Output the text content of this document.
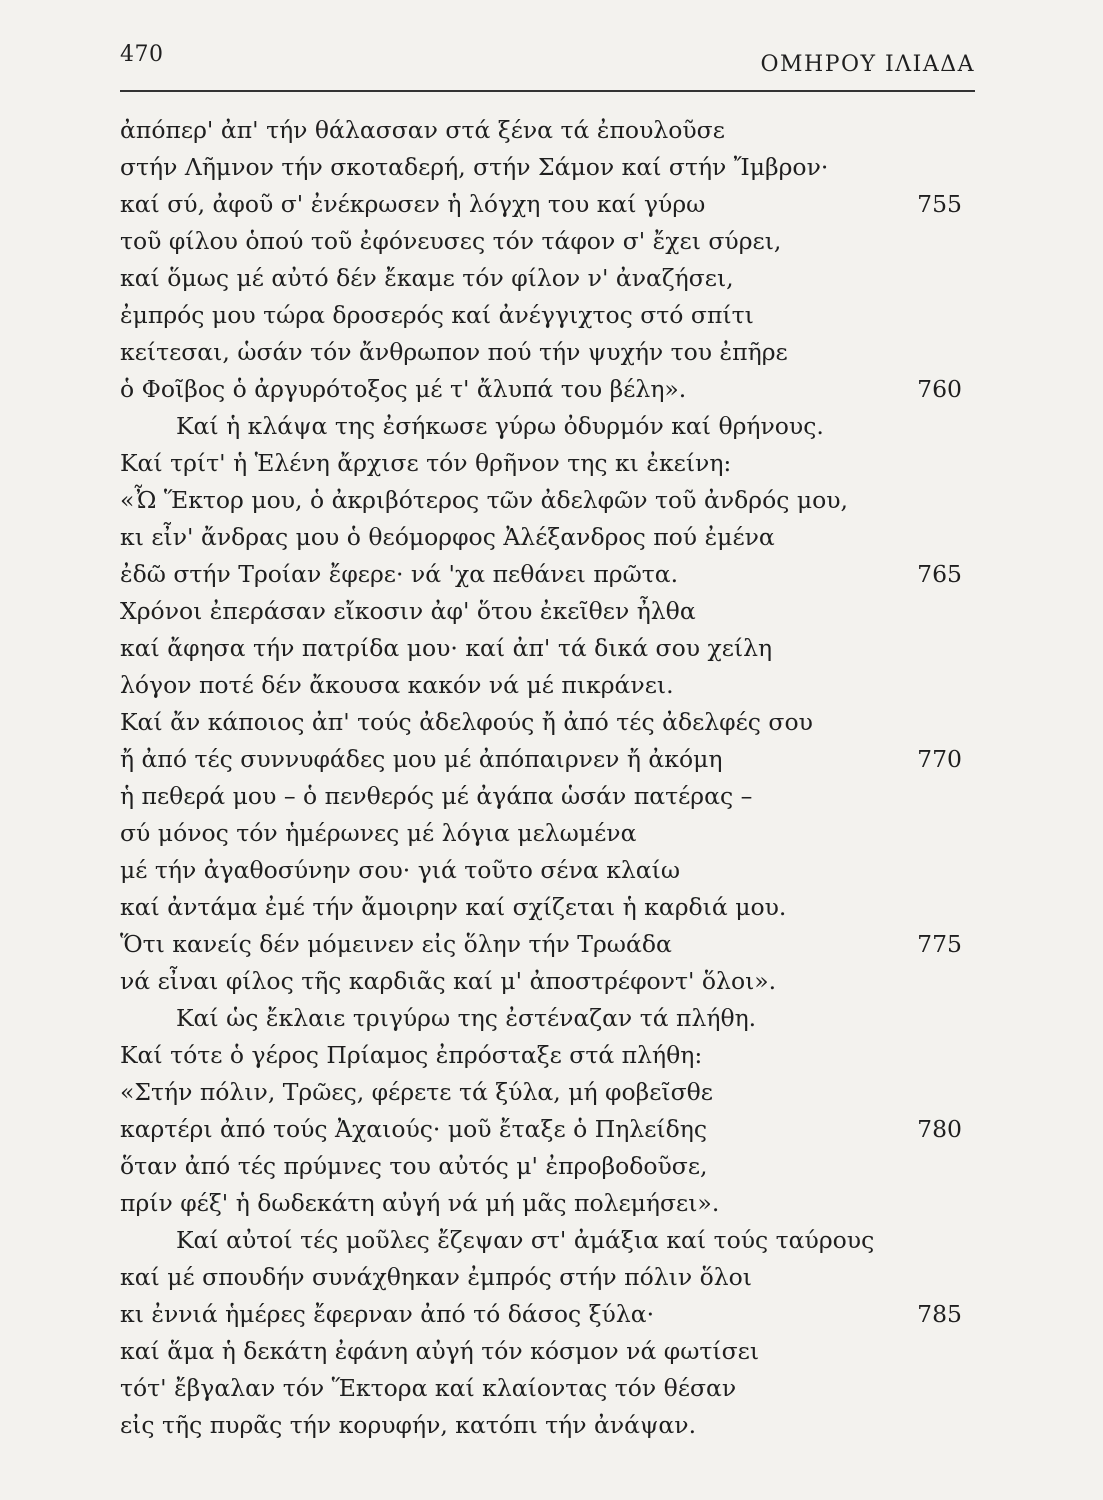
470	ΟΜΗΡΟΥ ΙΛΙΑΔΑ
ἀπόπερ' ἀπ' τήν θάλασσαν στά ξένα τά ἐπουλοῦσε
στήν Λῆμνον τήν σκοταδερή, στήν Σάμον καί στήν Ἴμβρον·
καί σύ, ἀφοῦ σ' ἐνέκρωσεν ἡ λόγχη του καί γύρω	755
τοῦ φίλου ὁπού τοῦ ἐφόνευσες τόν τάφον σ' ἔχει σύρει,
καί ὅμως μέ αὐτό δέν ἔκαμε τόν φίλον ν' ἀναζήσει,
ἐμπρός μου τώρα δροσερός καί ἀνέγγιχτος στό σπίτι
κείτεσαι, ὡσάν τόν ἄνθρωπον πού τήν ψυχήν του ἐπῆρε
ὁ Φοῖβος ὁ ἀργυρότοξος μέ τ' ἄλυπά του βέλη».	760
Καί ἡ κλάψα της ἐσήκωσε γύρω ὀδυρμόν καί θρήνους.
Καί τρίτ' ἡ Ἑλένη ἄρχισε τόν θρῆνον της κι ἐκείνη:
«Ὦ Ἕκτορ μου, ὁ ἀκριβότερος τῶν ἀδελφῶν τοῦ ἀνδρός μου,
κι εἶν' ἄνδρας μου ὁ θεόμορφος Ἀλέξανδρος πού ἐμένα
ἐδῶ στήν Τροίαν ἔφερε· νά 'χα πεθάνει πρῶτα.	765
Χρόνοι ἐπεράσαν εἴκοσιν ἀφ' ὅτου ἐκεῖθεν ἦλθα
καί ἄφησα τήν πατρίδα μου· καί ἀπ' τά δικά σου χείλη
λόγον ποτέ δέν ἄκουσα κακόν νά μέ πικράνει.
Καί ἄν κάποιος ἀπ' τούς ἀδελφούς ἤ ἀπό τές ἀδελφές σου
ἤ ἀπό τές συννυφάδες μου μέ ἀπόπαιρνεν ἤ ἀκόμη	770
ἡ πεθερά μου – ὁ πενθερός μέ ἀγάπα ὡσάν πατέρας –
σύ μόνος τόν ἡμέρωνες μέ λόγια μελωμένα
μέ τήν ἀγαθοσύνην σου· γιά τοῦτο σένα κλαίω
καί ἀντάμα ἐμέ τήν ἄμοιρην καί σχίζεται ἡ καρδιά μου.
Ὅτι κανείς δέν μόμεινεν εἰς ὅλην τήν Τρωάδα	775
νά εἶναι φίλος τῆς καρδιᾶς καί μ' ἀποστρέφοντ' ὅλοι».
Καί ὡς ἔκλαιε τριγύρω της ἐστέναζαν τά πλήθη.
Καί τότε ὁ γέρος Πρίαμος ἐπρόσταξε στά πλήθη:
«Στήν πόλιν, Τρῶες, φέρετε τά ξύλα, μή φοβεῖσθε
καρτέρι ἀπό τούς Ἀχαιούς· μοῦ ἔταξε ὁ Πηλείδης	780
ὅταν ἀπό τές πρύμνες του αὐτός μ' ἐπροβοδοῦσε,
πρίν φέξ' ἡ δωδεκάτη αὐγή νά μή μᾶς πολεμήσει».
Καί αὐτοί τές μοῦλες ἔζεψαν στ' ἀμάξια καί τούς ταύρους
καί μέ σπουδήν συνάχθηκαν ἐμπρός στήν πόλιν ὅλοι
κι ἐννιά ἡμέρες ἔφερναν ἀπό τό δάσος ξύλα·	785
καί ἅμα ἡ δεκάτη ἐφάνη αὐγή τόν κόσμον νά φωτίσει
τότ' ἔβγαλαν τόν Ἕκτορα καί κλαίοντας τόν θέσαν
εἰς τῆς πυρᾶς τήν κορυφήν, κατόπι τήν ἀνάψαν.
